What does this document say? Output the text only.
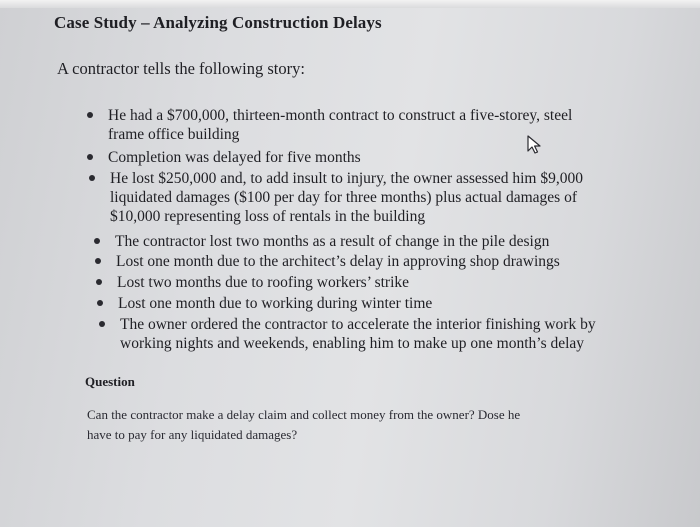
Case Study – Analyzing Construction Delays
A contractor tells the following story:
He had a $700,000, thirteen-month contract to construct a five-storey, steel
frame office building
Completion was delayed for five months
He lost $250,000 and, to add insult to injury, the owner assessed him $9,000
liquidated damages ($100 per day for three months) plus actual damages of
$10,000 representing loss of rentals in the building
The contractor lost two months as a result of change in the pile design
Lost one month due to the architect’s delay in approving shop drawings
Lost two months due to roofing workers’ strike
Lost one month due to working during winter time
The owner ordered the contractor to accelerate the interior finishing work by
working nights and weekends, enabling him to make up one month’s delay
Question
Can the contractor make a delay claim and collect money from the owner? Dose he
have to pay for any liquidated damages?
